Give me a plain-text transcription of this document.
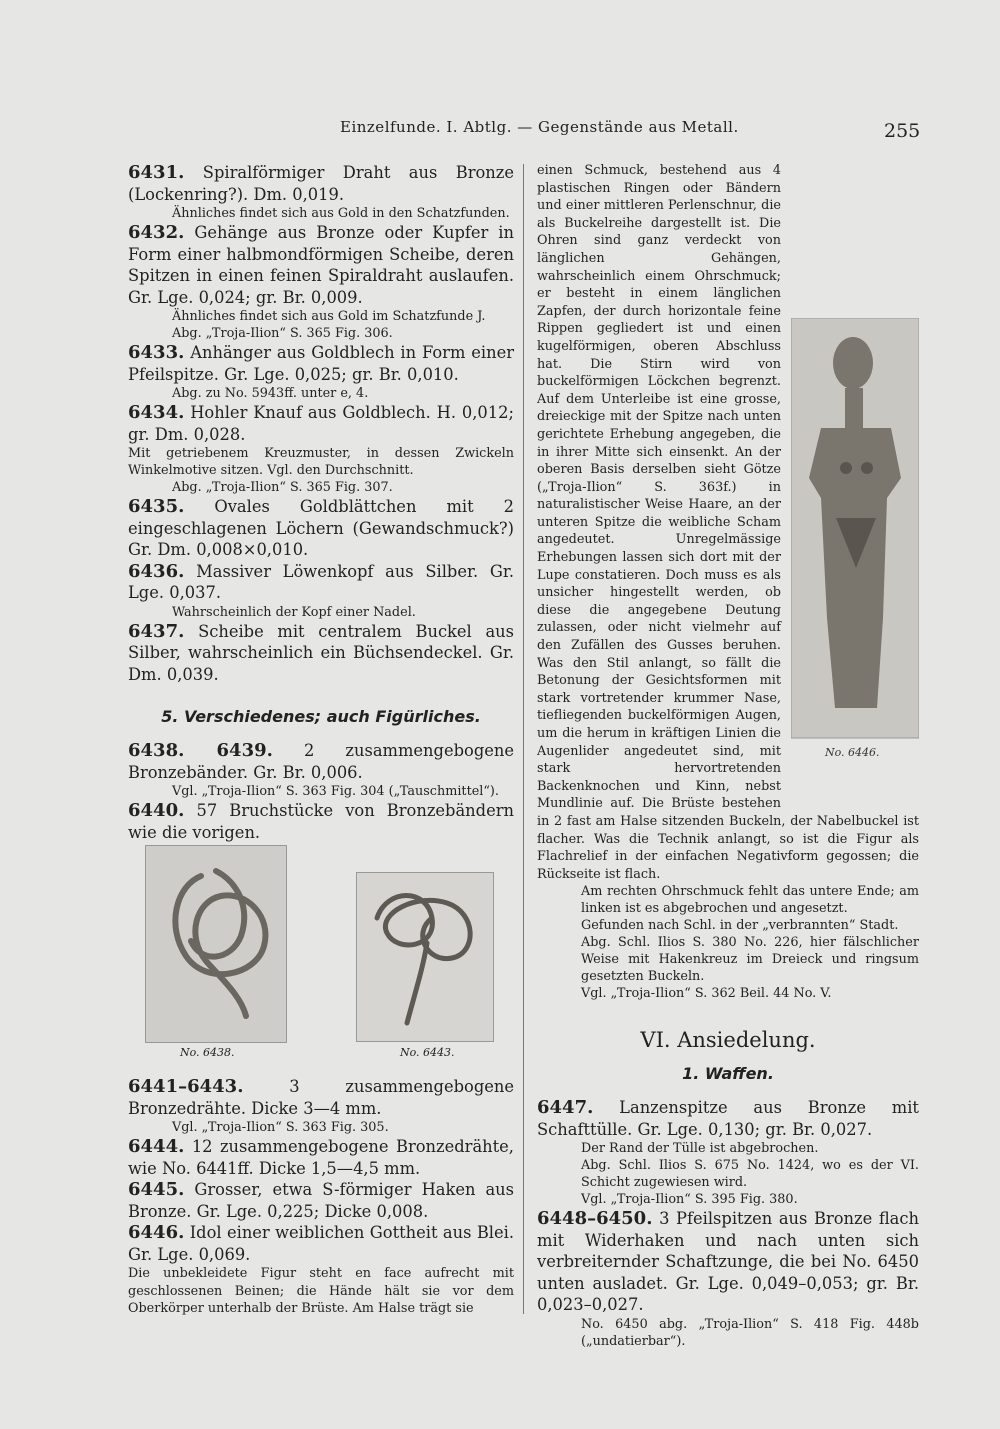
Einzelfunde. I. Abtlg. — Gegenstände aus Metall.	255

6431. Spiralförmiger Draht aus Bronze (Lockenring?). Dm. 0,019.

Ähnliches findet sich aus Gold in den Schatzfunden.

6432. Gehänge aus Bronze oder Kupfer in Form einer halbmondförmigen Scheibe, deren Spitzen in einen feinen Spiraldraht auslaufen. Gr. Lge. 0,024; gr. Br. 0,009.

Ähnliches findet sich aus Gold im Schatzfunde J.

Abg. „Troja-Ilion“ S. 365 Fig. 306.

6433. Anhänger aus Goldblech in Form einer Pfeilspitze. Gr. Lge. 0,025; gr. Br. 0,010.

Abg. zu No. 5943ff. unter e, 4.

6434. Hohler Knauf aus Goldblech. H. 0,012; gr. Dm. 0,028.

Mit getriebenem Kreuzmuster, in dessen Zwickeln Winkelmotive sitzen. Vgl. den Durchschnitt.

Abg. „Troja-Ilion“ S. 365 Fig. 307.

6435. Ovales Goldblättchen mit 2 eingeschlagenen Löchern (Gewandschmuck?) Gr. Dm. 0,008×0,010.

6436. Massiver Löwenkopf aus Silber. Gr. Lge. 0,037.

Wahrscheinlich der Kopf einer Nadel.

6437. Scheibe mit centralem Buckel aus Silber, wahrscheinlich ein Büchsendeckel. Gr. Dm. 0,039.

5. Verschiedenes; auch Figürliches.

6438. 6439. 2 zusammengebogene Bronzebänder. Gr. Br. 0,006.

Vgl. „Troja-Ilion“ S. 363 Fig. 304 („Tauschmittel“).

6440. 57 Bruchstücke von Bronzebändern wie die vorigen.

No. 6438.	No. 6443.

6441–6443.	3 zusammengebogene Bronzedrähte. Dicke 3—4 mm.

Vgl. „Troja-Ilion“ S. 363 Fig. 305.

6444. 12 zusammengebogene Bronzedrähte, wie No. 6441ff. Dicke 1,5—4,5 mm.

6445. Grosser, etwa S-förmiger Haken aus Bronze. Gr. Lge. 0,225; Dicke 0,008.

6446. Idol einer weiblichen Gottheit aus Blei. Gr. Lge. 0,069.

Die unbekleidete Figur steht en face aufrecht mit geschlossenen Beinen; die Hände hält sie vor dem Oberkörper unterhalb der Brüste. Am Halse trägt sie

No. 6446.
einen Schmuck, bestehend aus 4 plastischen Ringen oder Bändern und einer mittleren Perlenschnur, die als Buckelreihe dargestellt ist. Die Ohren sind ganz verdeckt von länglichen Gehängen, wahrscheinlich einem Ohrschmuck; er besteht in einem länglichen Zapfen, der durch horizontale feine Rippen gegliedert ist und einen kugelförmigen, oberen Abschluss hat. Die Stirn wird von buckelförmigen Löckchen begrenzt. Auf dem Unterleibe ist eine grosse, dreieckige mit der Spitze nach unten gerichtete Erhebung angegeben, die in ihrer Mitte sich einsenkt. An der oberen Basis derselben sieht Götze („Troja-Ilion“ S. 363f.) in naturalistischer Weise Haare, an der unteren Spitze die weibliche Scham angedeutet. Unregelmässige Erhebungen lassen sich dort mit der Lupe constatieren. Doch muss es als unsicher hingestellt werden, ob diese die angegebene Deutung zulassen, oder nicht vielmehr auf den Zufällen des Gusses beruhen. Was den Stil anlangt, so fällt die Betonung der Gesichtsformen mit stark vortretender krummer Nase, tiefliegenden buckelförmigen Augen, um die herum in kräftigen Linien die Augenlider angedeutet sind, mit stark hervortretenden Backenknochen und Kinn, nebst Mundlinie auf. Die Brüste bestehen in 2 fast am Halse sitzenden Buckeln, der Nabelbuckel ist flacher. Was die Technik anlangt, so ist die Figur als Flachrelief in der einfachen Negativform gegossen; die Rückseite ist flach.

Am rechten Ohrschmuck fehlt das untere Ende; am linken ist es abgebrochen und angesetzt.

Gefunden nach Schl. in der „verbrannten“ Stadt.

Abg. Schl. Ilios S. 380 No. 226, hier fälschlicher Weise mit Hakenkreuz im Dreieck und ringsum gesetzten Buckeln.

Vgl. „Troja-Ilion“ S. 362 Beil. 44 No. V.

VI. Ansiedelung.

1. Waffen.

6447. Lanzenspitze aus Bronze mit Schafttülle. Gr. Lge. 0,130; gr. Br. 0,027.

Der Rand der Tülle ist abgebrochen.

Abg. Schl. Ilios S. 675 No. 1424, wo es der VI. Schicht zugewiesen wird.

Vgl. „Troja-Ilion“ S. 395 Fig. 380.

6448–6450. 3 Pfeilspitzen aus Bronze flach mit Widerhaken und nach unten sich verbreiternder Schaftzunge, die bei No. 6450 unten ausladet. Gr. Lge. 0,049–0,053; gr. Br. 0,023–0,027.

No. 6450 abg. „Troja-Ilion“ S. 418 Fig. 448b („undatierbar“).
